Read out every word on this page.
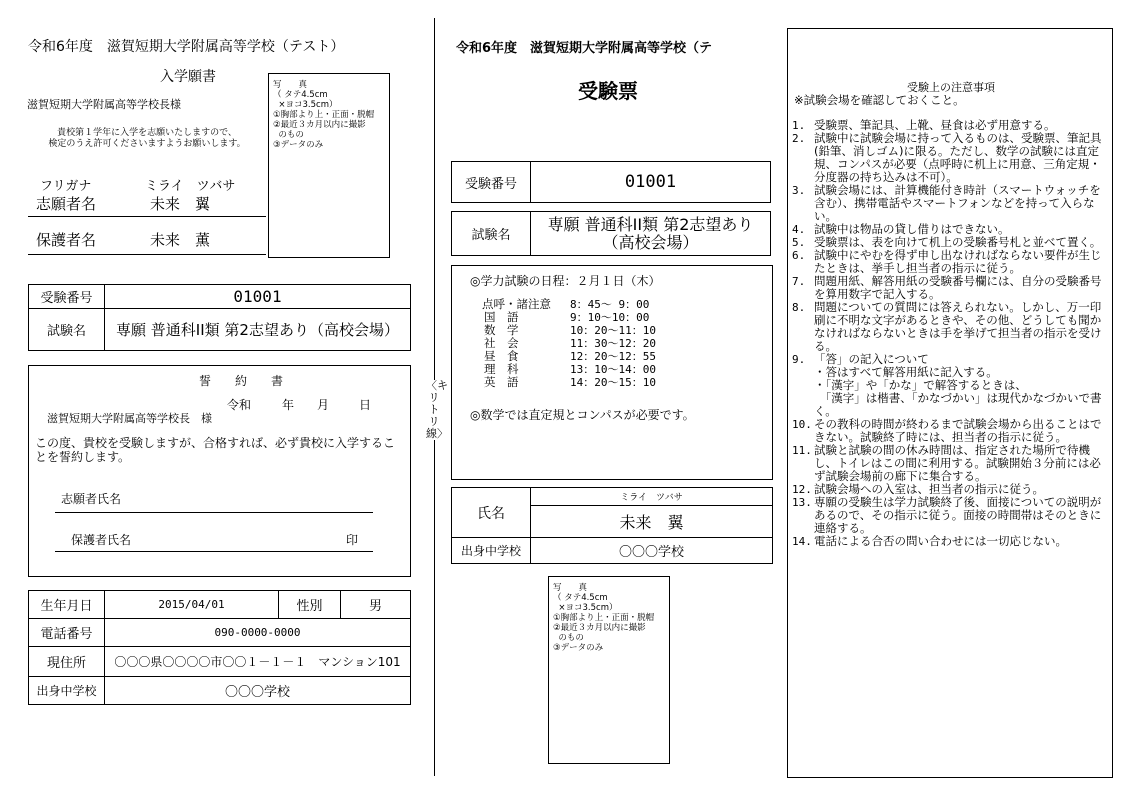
令和6年度　滋賀短期大学附属高等学校（テスト）
入学願書
滋賀短期大学附属高等学校長様
貴校第１学年に入学を志願いたしますので、
検定のうえ許可くださいますようお願いします。
写　　真
（ タテ4.5cm
×ヨコ3.5cm）
①胸部より上・正面・脱帽
②最近３カ月以内に撮影
のもの
③データのみ
フリガナ	ミライ　ツバサ
志願者名	未来　翼
保護者名	未来　薫
受験番号	01001
試験名	専願 普通科II類 第2志望あり（高校会場）
誓　　約　　書
令和	年 月 日
滋賀短期大学附属高等学校長　様
この度、貴校を受験しますが、合格すれば、必ず貴校に入学することを誓約します。
志願者氏名
保護者氏名	印
生年月日	2015/04/01	性別	男
電話番号	090-0000-0000		
現住所	〇〇〇県〇〇〇〇市〇〇１－１－１　マンション101		
出身中学校	〇〇〇学校		
〈キリトリ線〉
令和6年度　滋賀短期大学附属高等学校（テ
受験票
受験番号	01001
試験名	専願 普通科II類 第2志望あり（高校会場）
◎学力試験の日程：２月１日（木）
点呼・諸注意	8：45～ 9：00
国　語	9：10～10：00
数　学	10：20～11：10
社　会	11：30～12：20
昼　食	12：20～12：55
理　科	13：10～14：00
英　語	14：20～15：10
◎数学では直定規とコンパスが必要です。
氏名	ミライ　ツバサ
	未来　翼
出身中学校	〇〇〇学校
写　　真
（ タテ4.5cm
×ヨコ3.5cm）
①胸部より上・正面・脱帽
②最近３カ月以内に撮影
のもの
③データのみ
受験上の注意事項
※試験会場を確認しておくこと。
1. 受験票、筆記具、上靴、昼食は必ず用意する。
2. 試験中に試験会場に持って入るものは、受験票、筆記具(鉛筆、消しゴム)に限る。ただし、数学の試験には直定規、コンパスが必要（点呼時に机上に用意、三角定規・分度器の持ち込みは不可）。
3. 試験会場には、計算機能付き時計（スマートウォッチを含む）、携帯電話やスマートフォンなどを持って入らない。
4. 試験中は物品の貸し借りはできない。
5. 受験票は、表を向けて机上の受験番号札と並べて置く。
6. 試験中にやむを得ず申し出なければならない要件が生じたときは、挙手し担当者の指示に従う。
7. 問題用紙、解答用紙の受験番号欄には、自分の受験番号を算用数字で記入する。
8. 問題についての質問には答えられない。しかし、万一印刷に不明な文字があるときや、その他、どうしても聞かなければならないときは手を挙げて担当者の指示を受ける。
9. 「答」の記入について
・答はすべて解答用紙に記入する。
・「漢字」や「かな」で解答するときは、
　「漢字」は楷書、「かなづかい」は現代かなづかいで書く。
10. その教科の時間が終わるまで試験会場から出ることはできない。試験終了時には、担当者の指示に従う。
11. 試験と試験の間の休み時間は、指定された場所で待機し、トイレはこの間に利用する。試験開始３分前には必ず試験会場前の廊下に集合する。
12. 試験会場への入室は、担当者の指示に従う。
13. 専願の受験生は学力試験終了後、面接についての説明があるので、その指示に従う。面接の時間帯はそのときに連絡する。
14. 電話による合否の問い合わせには一切応じない。
